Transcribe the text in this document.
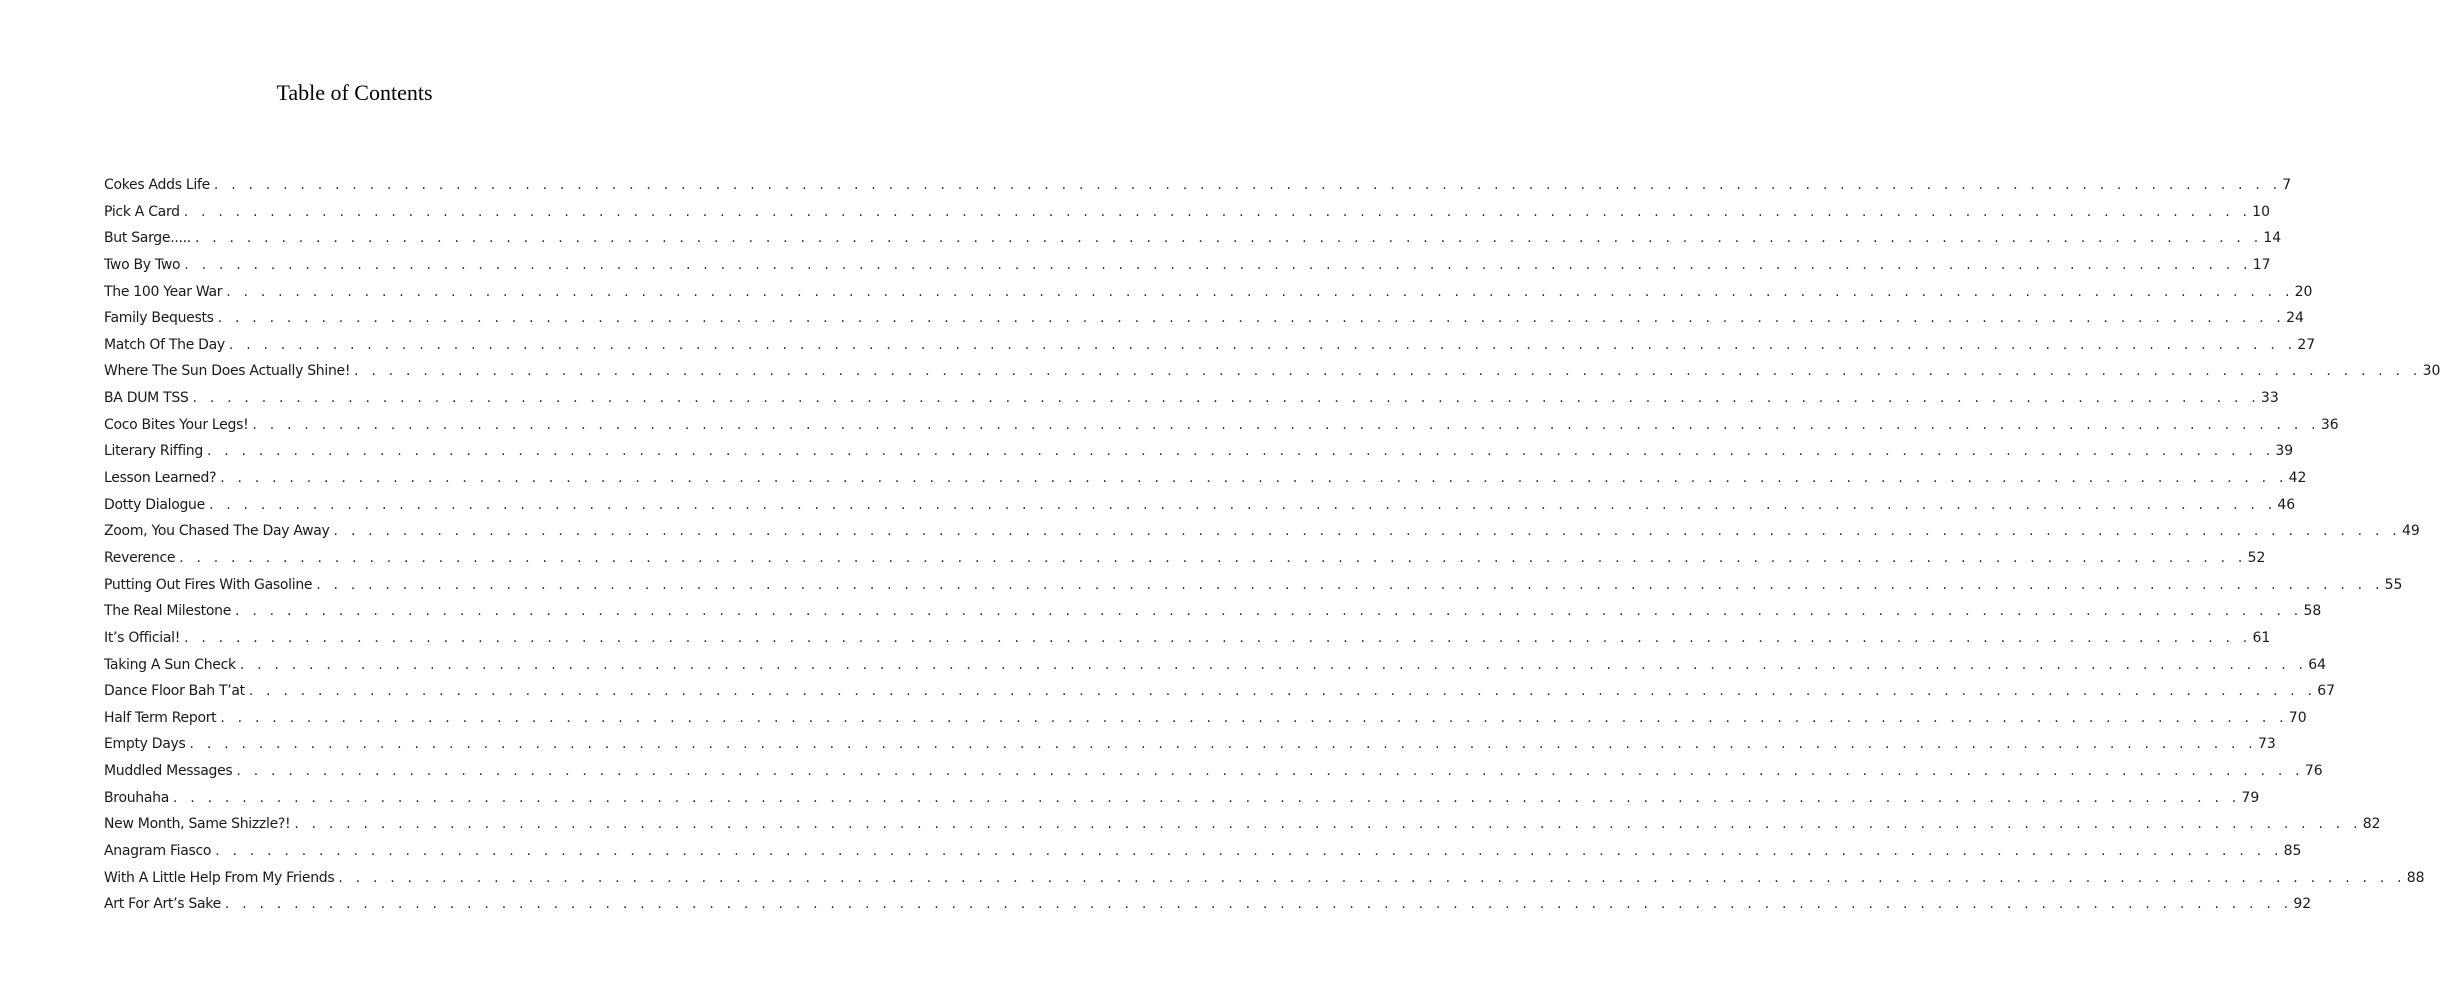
Table of Contents
Cokes Adds Life . . . . . . . . . . . . . . . . . . . . . . . . . . . . . . . . . . . . . . . . . . . . . . . . . . . . . . . . . . . . . . . . . . . . . . . . . . . . . . . . . . . . . . . . . . . . . . . . . . . . . . . . . . . . . . . . . . . . . . . . 7
Pick A Card . . . . . . . . . . . . . . . . . . . . . . . . . . . . . . . . . . . . . . . . . . . . . . . . . . . . . . . . . . . . . . . . . . . . . . . . . . . . . . . . . . . . . . . . . . . . . . . . . . . . . . . . . . . . . . . . . . . . . . . . 10
But Sarge..... . . . . . . . . . . . . . . . . . . . . . . . . . . . . . . . . . . . . . . . . . . . . . . . . . . . . . . . . . . . . . . . . . . . . . . . . . . . . . . . . . . . . . . . . . . . . . . . . . . . . . . . . . . . . . . . . . . . . . . . . 14
Two By Two . . . . . . . . . . . . . . . . . . . . . . . . . . . . . . . . . . . . . . . . . . . . . . . . . . . . . . . . . . . . . . . . . . . . . . . . . . . . . . . . . . . . . . . . . . . . . . . . . . . . . . . . . . . . . . . . . . . . . . . . 17
The 100 Year War . . . . . . . . . . . . . . . . . . . . . . . . . . . . . . . . . . . . . . . . . . . . . . . . . . . . . . . . . . . . . . . . . . . . . . . . . . . . . . . . . . . . . . . . . . . . . . . . . . . . . . . . . . . . . . . . . . . . . . . . 20
Family Bequests . . . . . . . . . . . . . . . . . . . . . . . . . . . . . . . . . . . . . . . . . . . . . . . . . . . . . . . . . . . . . . . . . . . . . . . . . . . . . . . . . . . . . . . . . . . . . . . . . . . . . . . . . . . . . . . . . . . . . . . . 24
Match Of The Day . . . . . . . . . . . . . . . . . . . . . . . . . . . . . . . . . . . . . . . . . . . . . . . . . . . . . . . . . . . . . . . . . . . . . . . . . . . . . . . . . . . . . . . . . . . . . . . . . . . . . . . . . . . . . . . . . . . . . . . . 27
Where The Sun Does Actually Shine! . . . . . . . . . . . . . . . . . . . . . . . . . . . . . . . . . . . . . . . . . . . . . . . . . . . . . . . . . . . . . . . . . . . . . . . . . . . . . . . . . . . . . . . . . . . . . . . . . . . . . . . . . . . . . . . . . . . . . . . . 30
BA DUM TSS . . . . . . . . . . . . . . . . . . . . . . . . . . . . . . . . . . . . . . . . . . . . . . . . . . . . . . . . . . . . . . . . . . . . . . . . . . . . . . . . . . . . . . . . . . . . . . . . . . . . . . . . . . . . . . . . . . . . . . . . 33
Coco Bites Your Legs! . . . . . . . . . . . . . . . . . . . . . . . . . . . . . . . . . . . . . . . . . . . . . . . . . . . . . . . . . . . . . . . . . . . . . . . . . . . . . . . . . . . . . . . . . . . . . . . . . . . . . . . . . . . . . . . . . . . . . . . . 36
Literary Riffing . . . . . . . . . . . . . . . . . . . . . . . . . . . . . . . . . . . . . . . . . . . . . . . . . . . . . . . . . . . . . . . . . . . . . . . . . . . . . . . . . . . . . . . . . . . . . . . . . . . . . . . . . . . . . . . . . . . . . . . . 39
Lesson Learned? . . . . . . . . . . . . . . . . . . . . . . . . . . . . . . . . . . . . . . . . . . . . . . . . . . . . . . . . . . . . . . . . . . . . . . . . . . . . . . . . . . . . . . . . . . . . . . . . . . . . . . . . . . . . . . . . . . . . . . . . 42
Dotty Dialogue . . . . . . . . . . . . . . . . . . . . . . . . . . . . . . . . . . . . . . . . . . . . . . . . . . . . . . . . . . . . . . . . . . . . . . . . . . . . . . . . . . . . . . . . . . . . . . . . . . . . . . . . . . . . . . . . . . . . . . . . 46
Zoom, You Chased The Day Away . . . . . . . . . . . . . . . . . . . . . . . . . . . . . . . . . . . . . . . . . . . . . . . . . . . . . . . . . . . . . . . . . . . . . . . . . . . . . . . . . . . . . . . . . . . . . . . . . . . . . . . . . . . . . . . . . . . . . . . . 49
Reverence . . . . . . . . . . . . . . . . . . . . . . . . . . . . . . . . . . . . . . . . . . . . . . . . . . . . . . . . . . . . . . . . . . . . . . . . . . . . . . . . . . . . . . . . . . . . . . . . . . . . . . . . . . . . . . . . . . . . . . . . 52
Putting Out Fires With Gasoline . . . . . . . . . . . . . . . . . . . . . . . . . . . . . . . . . . . . . . . . . . . . . . . . . . . . . . . . . . . . . . . . . . . . . . . . . . . . . . . . . . . . . . . . . . . . . . . . . . . . . . . . . . . . . . . . . . . . . . . . 55
The Real Milestone . . . . . . . . . . . . . . . . . . . . . . . . . . . . . . . . . . . . . . . . . . . . . . . . . . . . . . . . . . . . . . . . . . . . . . . . . . . . . . . . . . . . . . . . . . . . . . . . . . . . . . . . . . . . . . . . . . . . . . . . 58
It’s Official! . . . . . . . . . . . . . . . . . . . . . . . . . . . . . . . . . . . . . . . . . . . . . . . . . . . . . . . . . . . . . . . . . . . . . . . . . . . . . . . . . . . . . . . . . . . . . . . . . . . . . . . . . . . . . . . . . . . . . . . . 61
Taking A Sun Check . . . . . . . . . . . . . . . . . . . . . . . . . . . . . . . . . . . . . . . . . . . . . . . . . . . . . . . . . . . . . . . . . . . . . . . . . . . . . . . . . . . . . . . . . . . . . . . . . . . . . . . . . . . . . . . . . . . . . . . . 64
Dance Floor Bah T’at . . . . . . . . . . . . . . . . . . . . . . . . . . . . . . . . . . . . . . . . . . . . . . . . . . . . . . . . . . . . . . . . . . . . . . . . . . . . . . . . . . . . . . . . . . . . . . . . . . . . . . . . . . . . . . . . . . . . . . . . 67
Half Term Report . . . . . . . . . . . . . . . . . . . . . . . . . . . . . . . . . . . . . . . . . . . . . . . . . . . . . . . . . . . . . . . . . . . . . . . . . . . . . . . . . . . . . . . . . . . . . . . . . . . . . . . . . . . . . . . . . . . . . . . . 70
Empty Days . . . . . . . . . . . . . . . . . . . . . . . . . . . . . . . . . . . . . . . . . . . . . . . . . . . . . . . . . . . . . . . . . . . . . . . . . . . . . . . . . . . . . . . . . . . . . . . . . . . . . . . . . . . . . . . . . . . . . . . . 73
Muddled Messages . . . . . . . . . . . . . . . . . . . . . . . . . . . . . . . . . . . . . . . . . . . . . . . . . . . . . . . . . . . . . . . . . . . . . . . . . . . . . . . . . . . . . . . . . . . . . . . . . . . . . . . . . . . . . . . . . . . . . . . . 76
Brouhaha . . . . . . . . . . . . . . . . . . . . . . . . . . . . . . . . . . . . . . . . . . . . . . . . . . . . . . . . . . . . . . . . . . . . . . . . . . . . . . . . . . . . . . . . . . . . . . . . . . . . . . . . . . . . . . . . . . . . . . . . 79
New Month, Same Shizzle?! . . . . . . . . . . . . . . . . . . . . . . . . . . . . . . . . . . . . . . . . . . . . . . . . . . . . . . . . . . . . . . . . . . . . . . . . . . . . . . . . . . . . . . . . . . . . . . . . . . . . . . . . . . . . . . . . . . . . . . . . 82
Anagram Fiasco . . . . . . . . . . . . . . . . . . . . . . . . . . . . . . . . . . . . . . . . . . . . . . . . . . . . . . . . . . . . . . . . . . . . . . . . . . . . . . . . . . . . . . . . . . . . . . . . . . . . . . . . . . . . . . . . . . . . . . . . 85
With A Little Help From My Friends . . . . . . . . . . . . . . . . . . . . . . . . . . . . . . . . . . . . . . . . . . . . . . . . . . . . . . . . . . . . . . . . . . . . . . . . . . . . . . . . . . . . . . . . . . . . . . . . . . . . . . . . . . . . . . . . . . . . . . . . 88
Art For Art’s Sake . . . . . . . . . . . . . . . . . . . . . . . . . . . . . . . . . . . . . . . . . . . . . . . . . . . . . . . . . . . . . . . . . . . . . . . . . . . . . . . . . . . . . . . . . . . . . . . . . . . . . . . . . . . . . . . . . . . . . . . . 92
